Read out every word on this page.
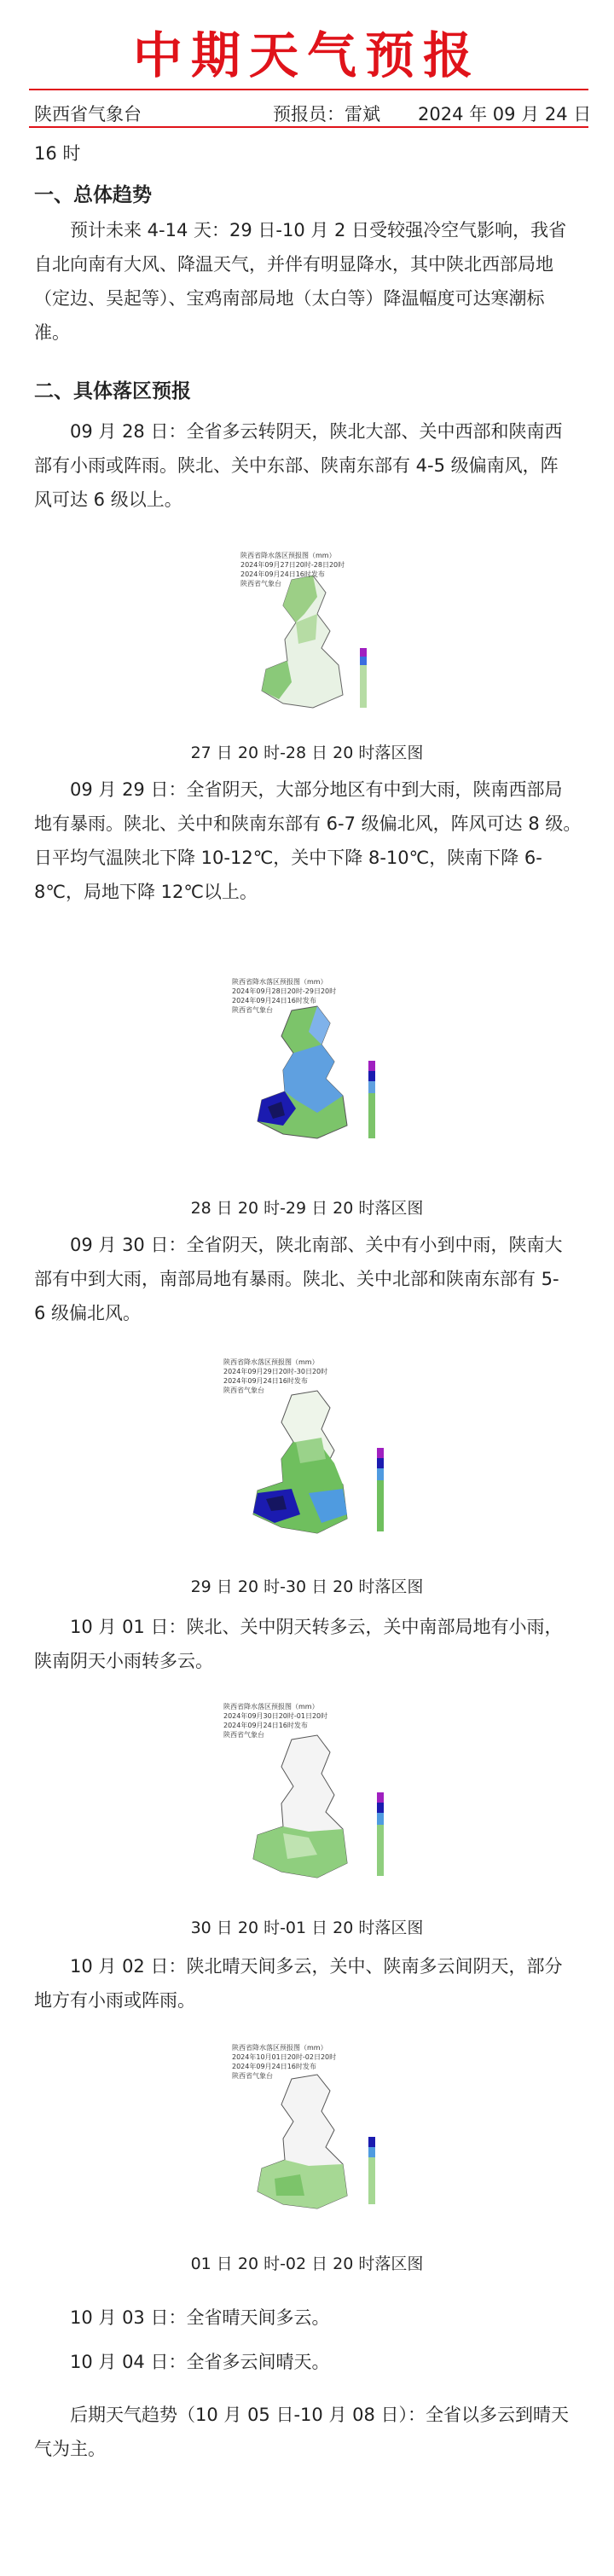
中期天气预报
陕西省气象台	预报员：雷斌 2024 年 09 月 24 日
16 时
一、总体趋势
预计未来 4-14 天：29 日-10 月 2 日受较强冷空气影响，我省
自北向南有大风、降温天气，并伴有明显降水，其中陕北西部局地
（定边、吴起等）、宝鸡南部局地（太白等）降温幅度可达寒潮标
准。
二、具体落区预报
09 月 28 日：全省多云转阴天，陕北大部、关中西部和陕南西
部有小雨或阵雨。陕北、关中东部、陕南东部有 4-5 级偏南风，阵
风可达 6 级以上。
陕西省降水落区预报图（mm）
2024年09月27日20时-28日20时
2024年09月24日16时发布
陕西省气象台
27 日 20 时-28 日 20 时落区图
09 月 29 日：全省阴天，大部分地区有中到大雨，陕南西部局
地有暴雨。陕北、关中和陕南东部有 6-7 级偏北风，阵风可达 8 级。
日平均气温陕北下降 10-12℃，关中下降 8-10℃，陕南下降 6-
8℃，局地下降 12℃以上。
陕西省降水落区预报图（mm）
2024年09月28日20时-29日20时
2024年09月24日16时发布
陕西省气象台
28 日 20 时-29 日 20 时落区图
09 月 30 日：全省阴天，陕北南部、关中有小到中雨，陕南大
部有中到大雨，南部局地有暴雨。陕北、关中北部和陕南东部有 5-
6 级偏北风。
陕西省降水落区预报图（mm）
2024年09月29日20时-30日20时
2024年09月24日16时发布
陕西省气象台
29 日 20 时-30 日 20 时落区图
10 月 01 日：陕北、关中阴天转多云，关中南部局地有小雨，
陕南阴天小雨转多云。
陕西省降水落区预报图（mm）
2024年09月30日20时-01日20时
2024年09月24日16时发布
陕西省气象台
30 日 20 时-01 日 20 时落区图
10 月 02 日：陕北晴天间多云，关中、陕南多云间阴天，部分
地方有小雨或阵雨。
陕西省降水落区预报图（mm）
2024年10月01日20时-02日20时
2024年09月24日16时发布
陕西省气象台
01 日 20 时-02 日 20 时落区图
10 月 03 日：全省晴天间多云。
10 月 04 日：全省多云间晴天。
后期天气趋势（10 月 05 日-10 月 08 日）：全省以多云到晴天
气为主。
